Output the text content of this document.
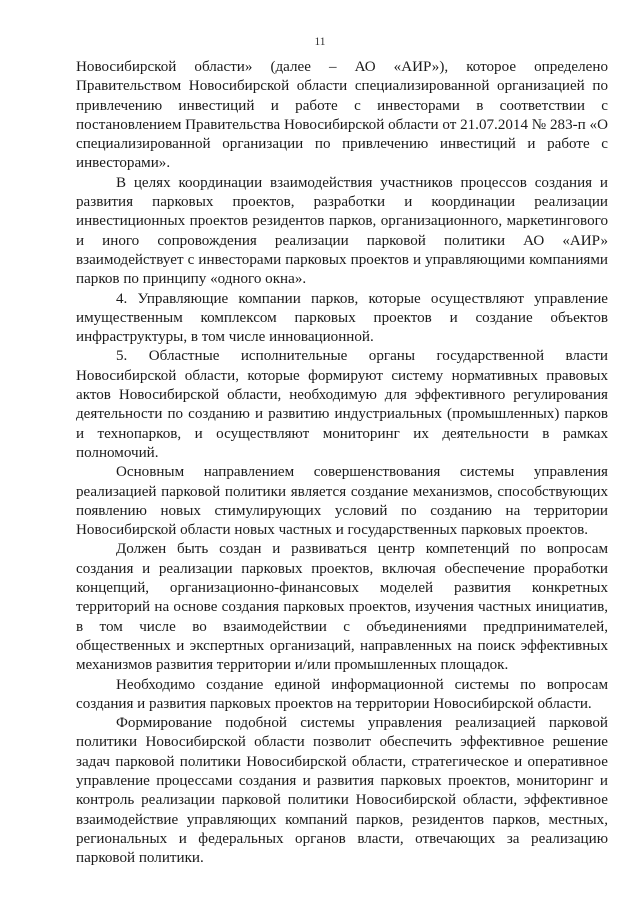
11

Новосибирской области» (далее – АО «АИР»), которое определено Правительством Новосибирской области специализированной организацией по привлечению инвестиций и работе с инвесторами в соответствии с постановлением Правительства Новосибирской области от 21.07.2014 № 283-п «О специализированной организации по привлечению инвестиций и работе с инвесторами».

В целях координации взаимодействия участников процессов создания и развития парковых проектов, разработки и координации реализации инвестиционных проектов резидентов парков, организационного, маркетингового и иного сопровождения реализации парковой политики АО «АИР» взаимодействует с инвесторами парковых проектов и управляющими компаниями парков по принципу «одного окна».

4. Управляющие компании парков, которые осуществляют управление имущественным комплексом парковых проектов и создание объектов инфраструктуры, в том числе инновационной.

5. Областные исполнительные органы государственной власти Новосибирской области, которые формируют систему нормативных правовых актов Новосибирской области, необходимую для эффективного регулирования деятельности по созданию и развитию индустриальных (промышленных) парков и технопарков, и осуществляют мониторинг их деятельности в рамках полномочий.

Основным направлением совершенствования системы управления реализацией парковой политики является создание механизмов, способствующих появлению новых стимулирующих условий по созданию на территории Новосибирской области новых частных и государственных парковых проектов.

Должен быть создан и развиваться центр компетенций по вопросам создания и реализации парковых проектов, включая обеспечение проработки концепций, организационно-финансовых моделей развития конкретных территорий на основе создания парковых проектов, изучения частных инициатив, в том числе во взаимодействии с объединениями предпринимателей, общественных и экспертных организаций, направленных на поиск эффективных механизмов развития территории и/или промышленных площадок.

Необходимо создание единой информационной системы по вопросам создания и развития парковых проектов на территории Новосибирской области.

Формирование подобной системы управления реализацией парковой политики Новосибирской области позволит обеспечить эффективное решение задач парковой политики Новосибирской области, стратегическое и оперативное управление процессами создания и развития парковых проектов, мониторинг и контроль реализации парковой политики Новосибирской области, эффективное взаимодействие управляющих компаний парков, резидентов парков, местных, региональных и федеральных органов власти, отвечающих за реализацию парковой политики.
